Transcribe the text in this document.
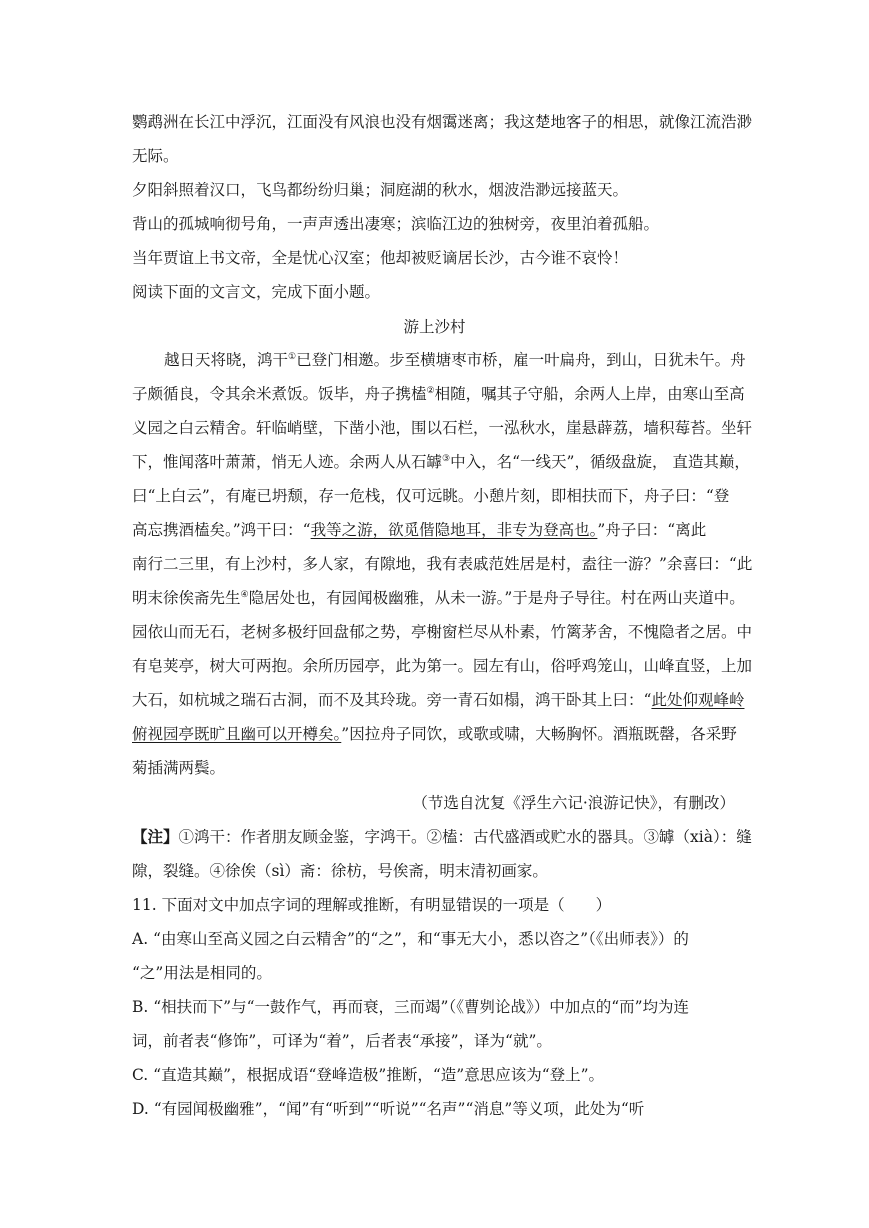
鹦鹉洲在长江中浮沉，江面没有风浪也没有烟霭迷离；我这楚地客子的相思，就像江流浩渺
无际。
夕阳斜照着汉口，飞鸟都纷纷归巢；洞庭湖的秋水，烟波浩渺远接蓝天。
背山的孤城响彻号角，一声声透出凄寒；滨临江边的独树旁，夜里泊着孤船。
当年贾谊上书文帝，全是忧心汉室；他却被贬谪居长沙，古今谁不哀怜！
阅读下面的文言文，完成下面小题。
游上沙村
越日天将晓，鸿干①已登门相邀。步至横塘枣市桥，雇一叶扁舟，到山，日犹未午。舟
子颇循良，令其余米煮饭。饭毕，舟子携榼②相随，嘱其子守船，余两人上岸，由寒山至高
义园之白云精舍。轩临峭壁，下凿小池，围以石栏，一泓秋水，崖悬薜荔，墙积莓苔。坐轩
下，惟闻落叶萧萧，悄无人迹。余两人从石罅③中入，名“一线天”，循级盘旋， 直造其巅，
曰“上白云”，有庵已坍颓，存一危栈，仅可远眺。小憩片刻，即相扶而下，舟子曰：“登
高忘携酒榼矣。”鸿干曰：“我等之游，欲觅偕隐地耳，非专为登高也。”舟子曰：“离此
南行二三里，有上沙村，多人家，有隙地，我有表戚范姓居是村，盍往一游？”余喜曰：“此
明末徐俟斋先生④隐居处也，有园闻极幽雅，从未一游。”于是舟子导往。村在两山夹道中。
园依山而无石，老树多极纡回盘郁之势，亭榭窗栏尽从朴素，竹篱茅舍，不愧隐者之居。中
有皂荚亭，树大可两抱。余所历园亭，此为第一。园左有山，俗呼鸡笼山，山峰直竖，上加
大石，如杭城之瑞石古洞，而不及其玲珑。旁一青石如榻，鸿干卧其上曰：“此处仰观峰岭
俯视园亭既旷且幽可以开樽矣。”因拉舟子同饮，或歌或啸，大畅胸怀。酒瓶既罄，各采野
菊插满两鬓。
（节选自沈复《浮生六记·浪游记快》，有删改）
【注】①鸿干：作者朋友顾金鉴，字鸿干。②榼：古代盛酒或贮水的器具。③罅（xià）：缝
隙，裂缝。④徐俟（sì）斋：徐枋，号俟斋，明末清初画家。
11. 下面对文中加点字词的理解或推断，有明显错误的一项是（　　）
A. “由寒山至高义园之白云精舍”的“之”，和“事无大小，悉以咨之”（《出师表》）的
“之”用法是相同的。
B. “相扶而下”与“一鼓作气，再而衰，三而竭”（《曹刿论战》）中加点的“而”均为连
词，前者表“修饰”，可译为“着”，后者表“承接”，译为“就”。
C. “直造其巅”，根据成语“登峰造极”推断，“造”意思应该为“登上”。
D. “有园闻极幽雅”，“闻”有“听到”“听说”“名声”“消息”等义项，此处为“听
